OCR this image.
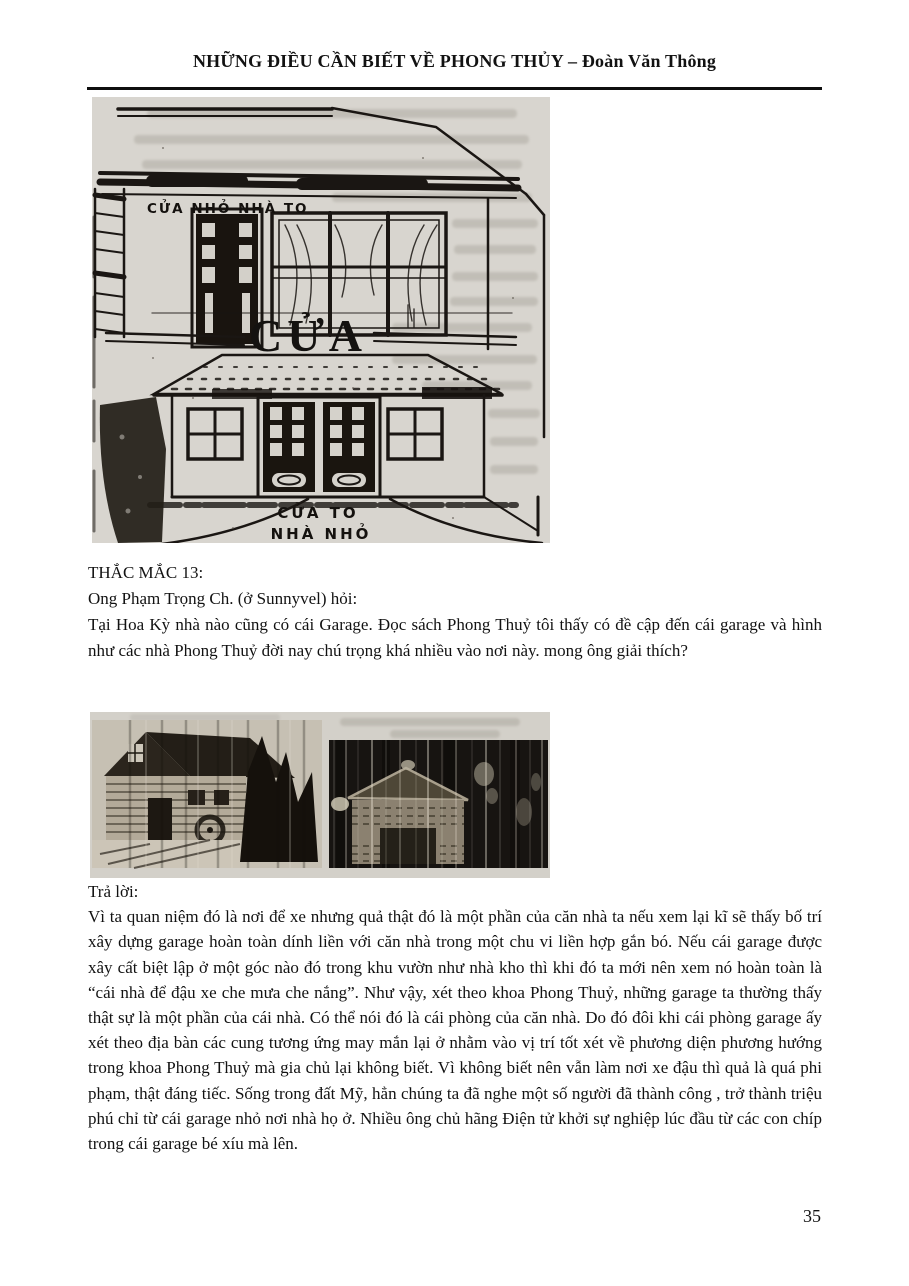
NHỮNG ĐIỀU CẦN BIẾT VỀ PHONG THỦY – Đoàn Văn Thông
CỬA NHỎ NHÀ TO
CỬA
CỬA TO
NHÀ NHỎ
THẮC MẮC 13:
Ong Phạm Trọng Ch. (ở Sunnyvel) hỏi:

Tại Hoa Kỳ nhà nào cũng có cái Garage. Đọc sách Phong Thuỷ tôi thấy có đề cập đến cái garage và hình như các nhà Phong Thuỷ đời nay chú trọng khá nhiều vào nơi này. mong ông giải thích?

Trả lời:

Vì ta quan niệm đó là nơi để xe nhưng quả thật đó là một phần của căn nhà ta nếu xem lại kĩ sẽ thấy bố trí xây dựng garage hoàn toàn dính liền với căn nhà trong một chu vi liền hợp gắn bó. Nếu cái garage được xây cất biệt lập ở một góc nào đó trong khu vườn như nhà kho thì khi đó ta mới nên xem nó hoàn toàn là “cái nhà để đậu xe che mưa che nắng”. Như vậy, xét theo khoa Phong Thuỷ, những garage ta thường thấy thật sự là một phần của cái nhà. Có thể nói đó là cái phòng của căn nhà. Do đó đôi khi cái phòng garage ấy xét theo địa bàn các cung tương ứng may mắn lại ở nhằm vào vị trí tốt xét về phương diện phương hướng trong khoa Phong Thuỷ mà gia chủ lại không biết. Vì không biết nên vẫn làm nơi xe đậu thì quả là quá phi phạm, thật đáng tiếc. Sống trong đất Mỹ, hẳn chúng ta đã nghe một số người đã thành công , trở thành triệu phú chỉ từ cái garage nhỏ nơi nhà họ ở. Nhiều ông chủ hãng Điện tử khởi sự nghiệp lúc đầu từ các con chíp trong cái garage bé xíu mà lên.

35
